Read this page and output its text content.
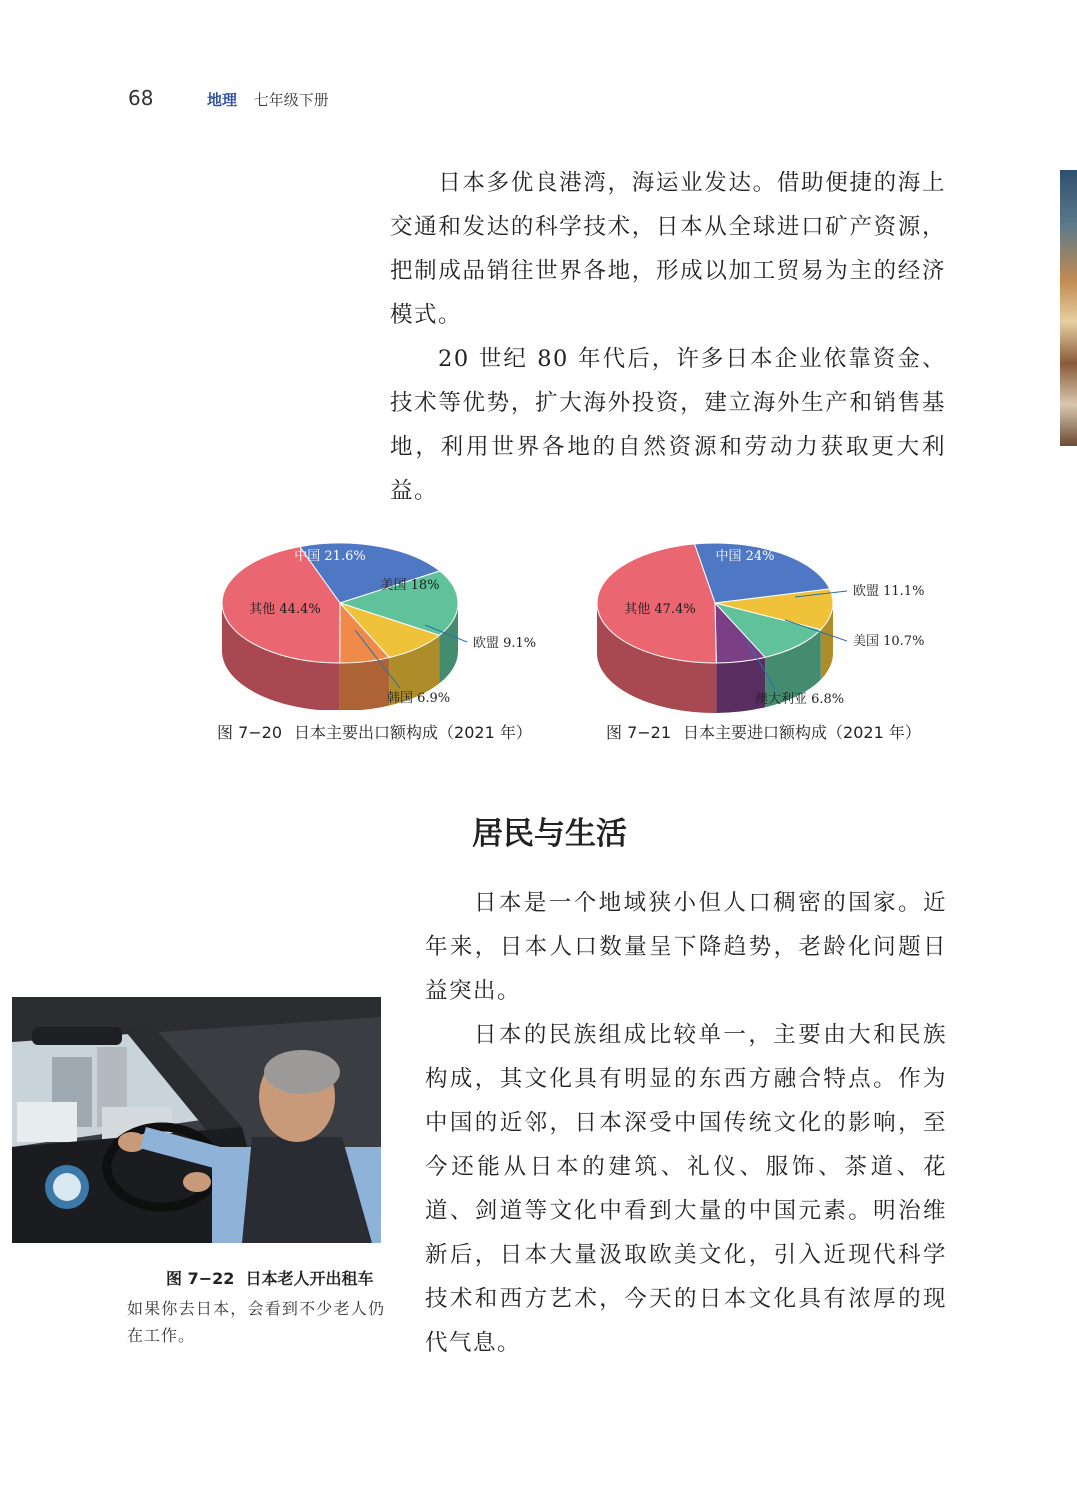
68	地理 七年级下册

日本多优良港湾，海运业发达。借助便捷的海上交通和发达的科学技术，日本从全球进口矿产资源，把制成品销往世界各地，形成以加工贸易为主的经济模式。

20 世纪 80 年代后，许多日本企业依靠资金、技术等优势，扩大海外投资，建立海外生产和销售基地，利用世界各地的自然资源和劳动力获取更大利益。

中国 21.6%
美国 18%
欧盟 9.1%
韩国 6.9%
其他 44.4%
图 7−20 日本主要出口额构成（2021 年）
中国 24%
欧盟 11.1%
美国 10.7%
澳大利亚 6.8%
其他 47.4%
图 7−21 日本主要进口额构成（2021 年）
居民与生活

日本是一个地域狭小但人口稠密的国家。近年来，日本人口数量呈下降趋势，老龄化问题日益突出。

日本的民族组成比较单一，主要由大和民族构成，其文化具有明显的东西方融合特点。作为中国的近邻，日本深受中国传统文化的影响，至今还能从日本的建筑、礼仪、服饰、茶道、花道、剑道等文化中看到大量的中国元素。明治维新后，日本大量汲取欧美文化，引入近现代科学技术和西方艺术，今天的日本文化具有浓厚的现代气息。

图 7−22 日本老人开出租车
如果你去日本，会看到不少老人仍在工作。
